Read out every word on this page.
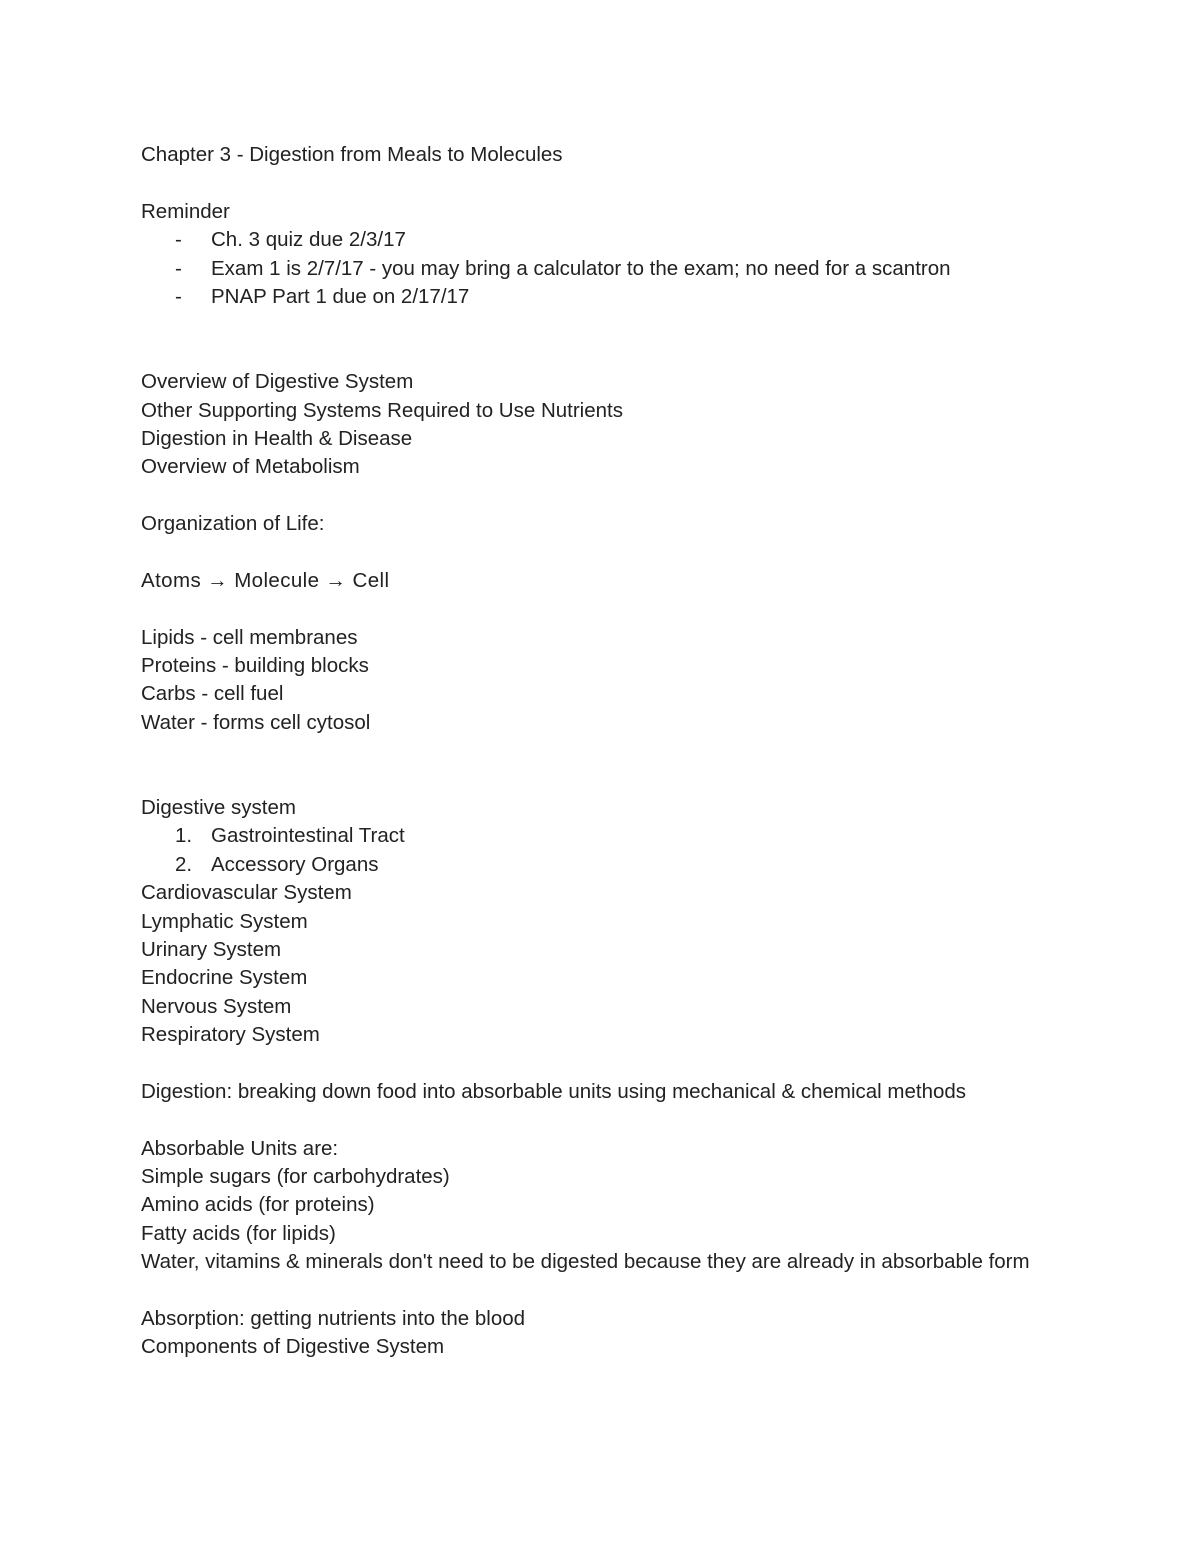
Chapter 3 - Digestion from Meals to Molecules
Reminder
- Ch. 3 quiz due 2/3/17
- Exam 1 is 2/7/17 - you may bring a calculator to the exam; no need for a scantron
- PNAP Part 1 due on 2/17/17
Overview of Digestive System
Other Supporting Systems Required to Use Nutrients
Digestion in Health & Disease
Overview of Metabolism
Organization of Life:
Atoms → Molecule → Cell
Lipids - cell membranes
Proteins - building blocks
Carbs - cell fuel
Water - forms cell cytosol
Digestive system
1. Gastrointestinal Tract
2. Accessory Organs
Cardiovascular System
Lymphatic System
Urinary System
Endocrine System
Nervous System
Respiratory System
Digestion: breaking down food into absorbable units using mechanical & chemical methods
Absorbable Units are:
Simple sugars (for carbohydrates)
Amino acids (for proteins)
Fatty acids (for lipids)
Water, vitamins & minerals don't need to be digested because they are already in absorbable form
Absorption: getting nutrients into the blood
Components of Digestive System
